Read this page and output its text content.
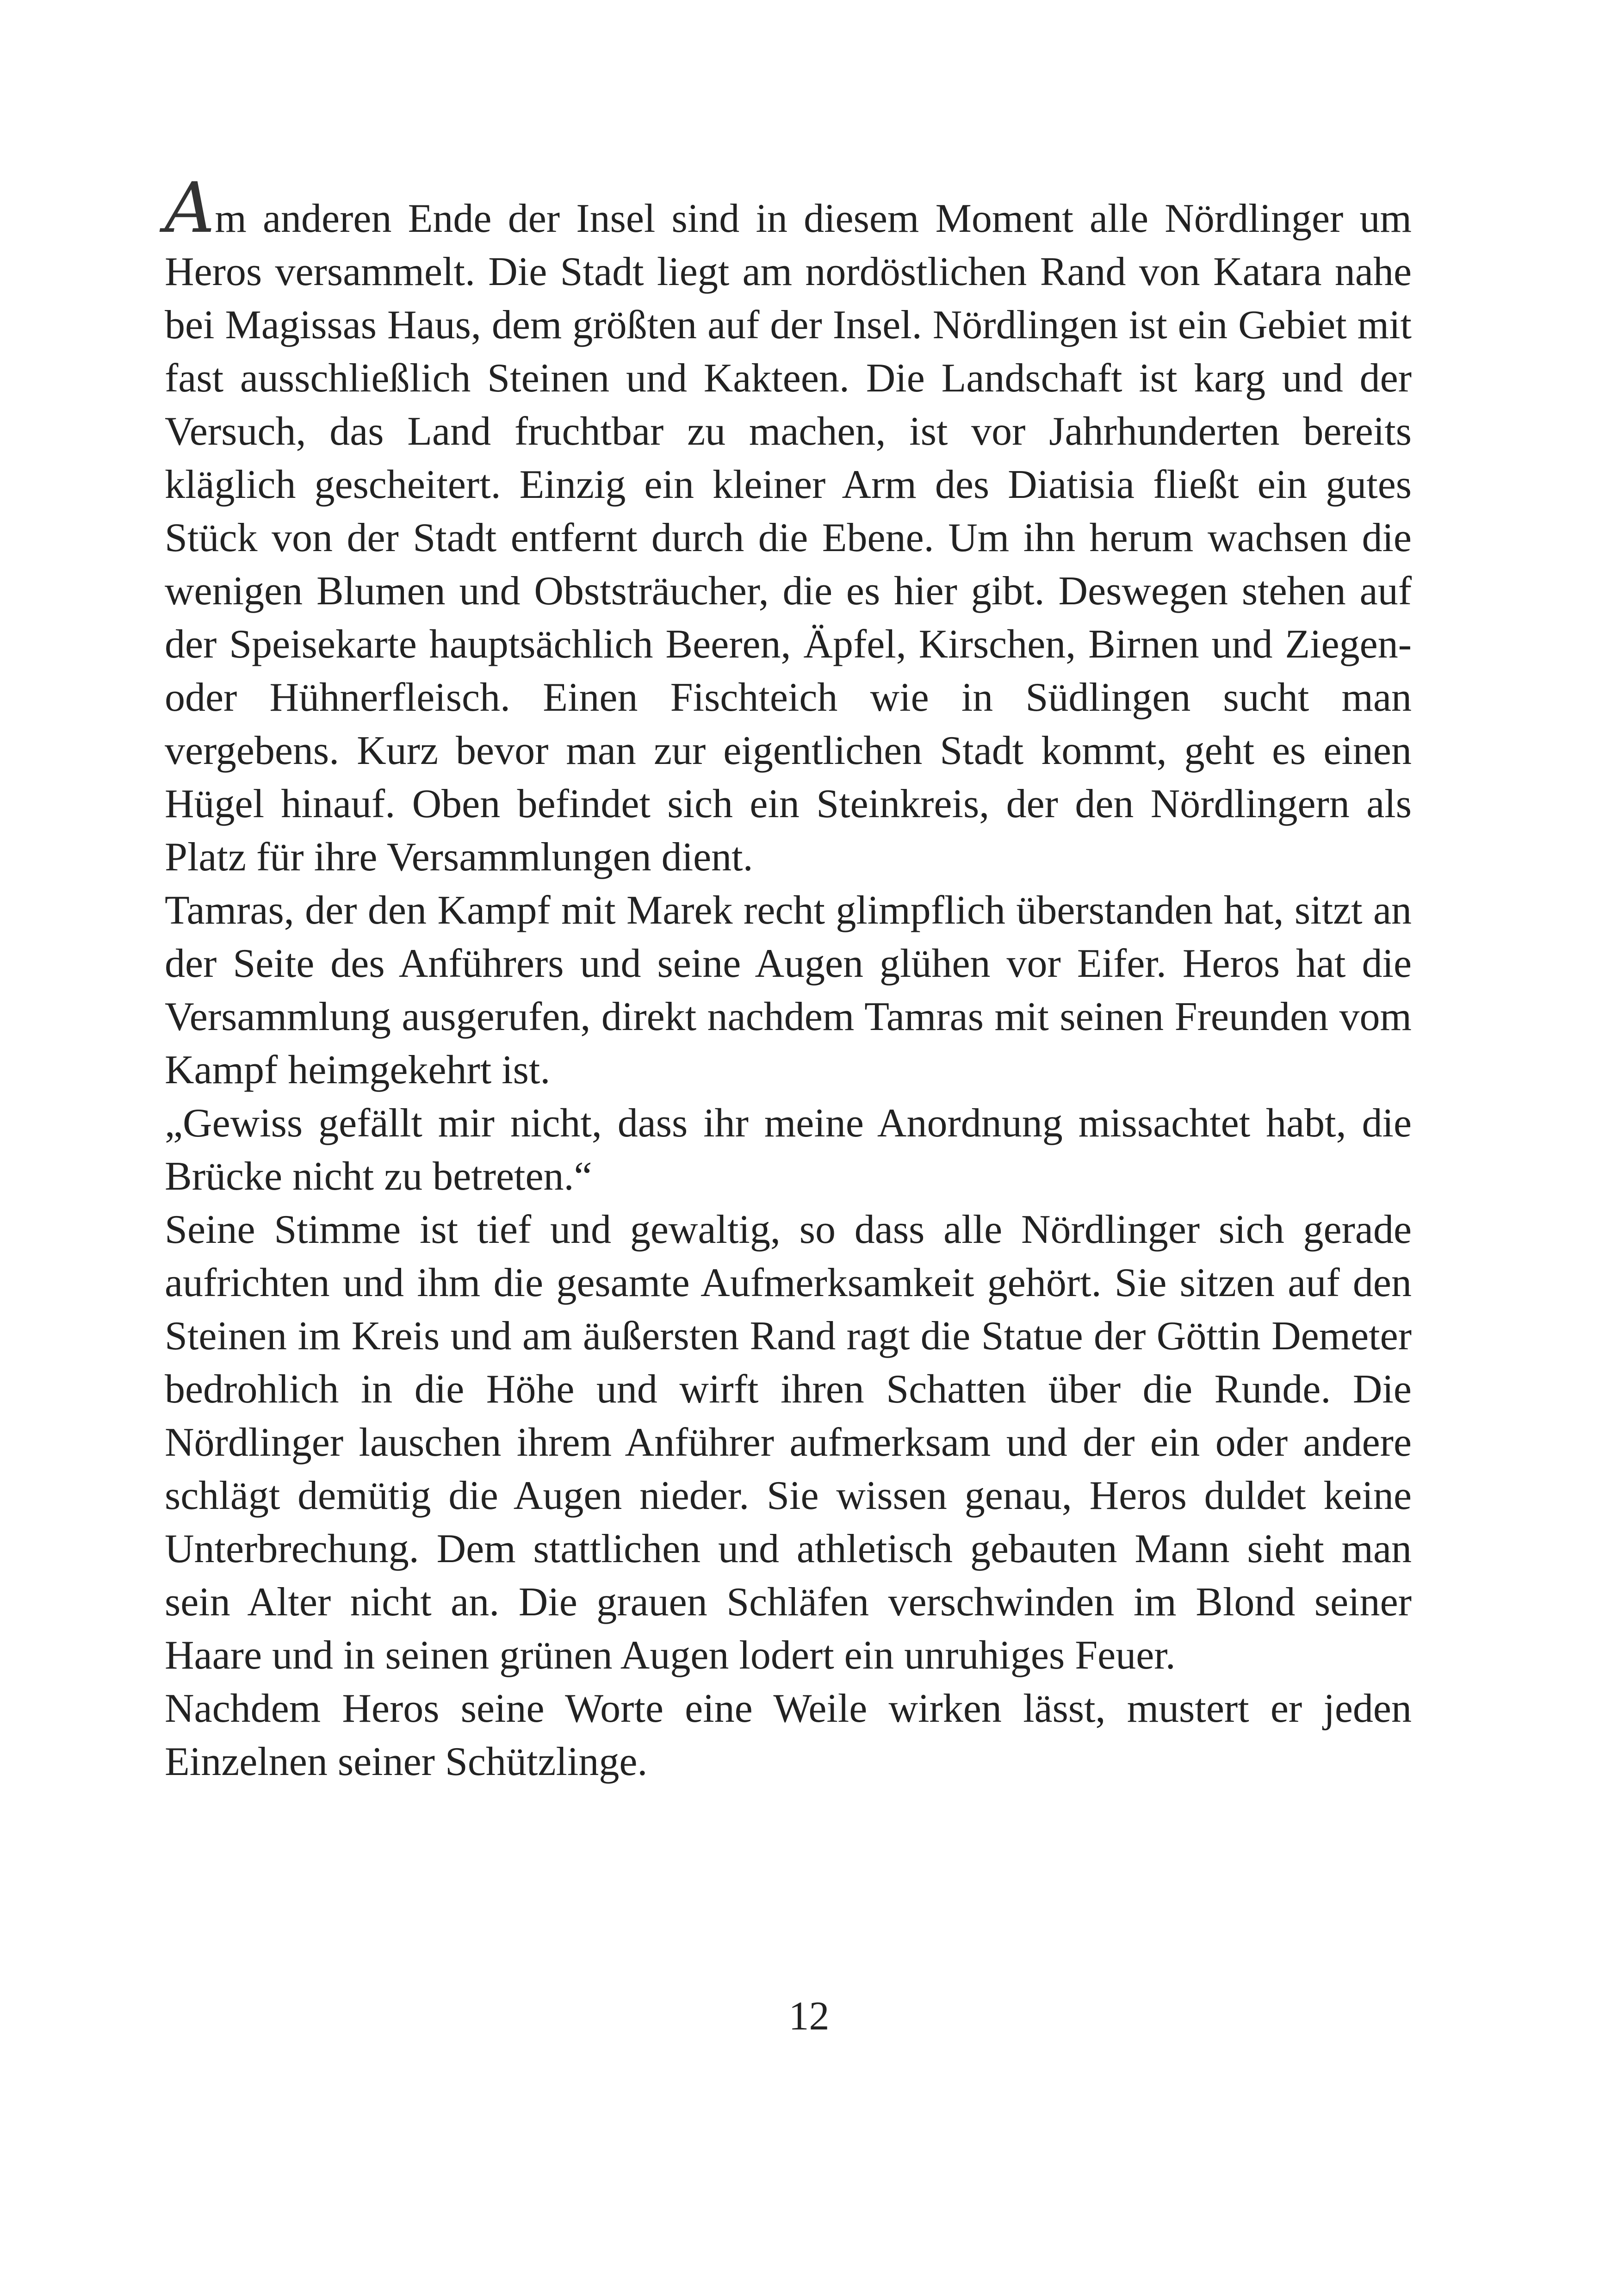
Am anderen Ende der Insel sind in diesem Moment alle Nördlinger um Heros versammelt. Die Stadt liegt am nordöstlichen Rand von Katara nahe bei Magissas Haus, dem größten auf der Insel. Nördlingen ist ein Gebiet mit fast ausschließlich Steinen und Kakteen. Die Landschaft ist karg und der Versuch, das Land fruchtbar zu machen, ist vor Jahrhunderten bereits kläglich gescheitert. Einzig ein kleiner Arm des Diatisia fließt ein gutes Stück von der Stadt entfernt durch die Ebene. Um ihn herum wachsen die wenigen Blumen und Obststräucher, die es hier gibt. Deswegen stehen auf der Speisekarte hauptsächlich Beeren, Äpfel, Kirschen, Birnen und Ziegen- oder Hühnerfleisch. Einen Fischteich wie in Südlingen sucht man vergebens. Kurz bevor man zur eigentlichen Stadt kommt, geht es einen Hügel hinauf. Oben befindet sich ein Steinkreis, der den Nördlingern als Platz für ihre Versammlungen dient.

Tamras, der den Kampf mit Marek recht glimpflich überstanden hat, sitzt an der Seite des Anführers und seine Augen glühen vor Eifer. Heros hat die Versammlung ausgerufen, direkt nachdem Tamras mit seinen Freunden vom Kampf heimgekehrt ist.

„Gewiss gefällt mir nicht, dass ihr meine Anordnung missachtet habt, die Brücke nicht zu betreten.“

Seine Stimme ist tief und gewaltig, so dass alle Nördlinger sich gerade aufrichten und ihm die gesamte Aufmerksamkeit gehört. Sie sitzen auf den Steinen im Kreis und am äußersten Rand ragt die Statue der Göttin Demeter bedrohlich in die Höhe und wirft ihren Schatten über die Runde. Die Nördlinger lauschen ihrem Anführer aufmerksam und der ein oder andere schlägt demütig die Augen nieder. Sie wissen genau, Heros duldet keine Unterbrechung. Dem stattlichen und athletisch gebauten Mann sieht man sein Alter nicht an. Die grauen Schläfen verschwinden im Blond seiner Haare und in seinen grünen Augen lodert ein unruhiges Feuer.

Nachdem Heros seine Worte eine Weile wirken lässt, mustert er jeden Einzelnen seiner Schützlinge.

12
